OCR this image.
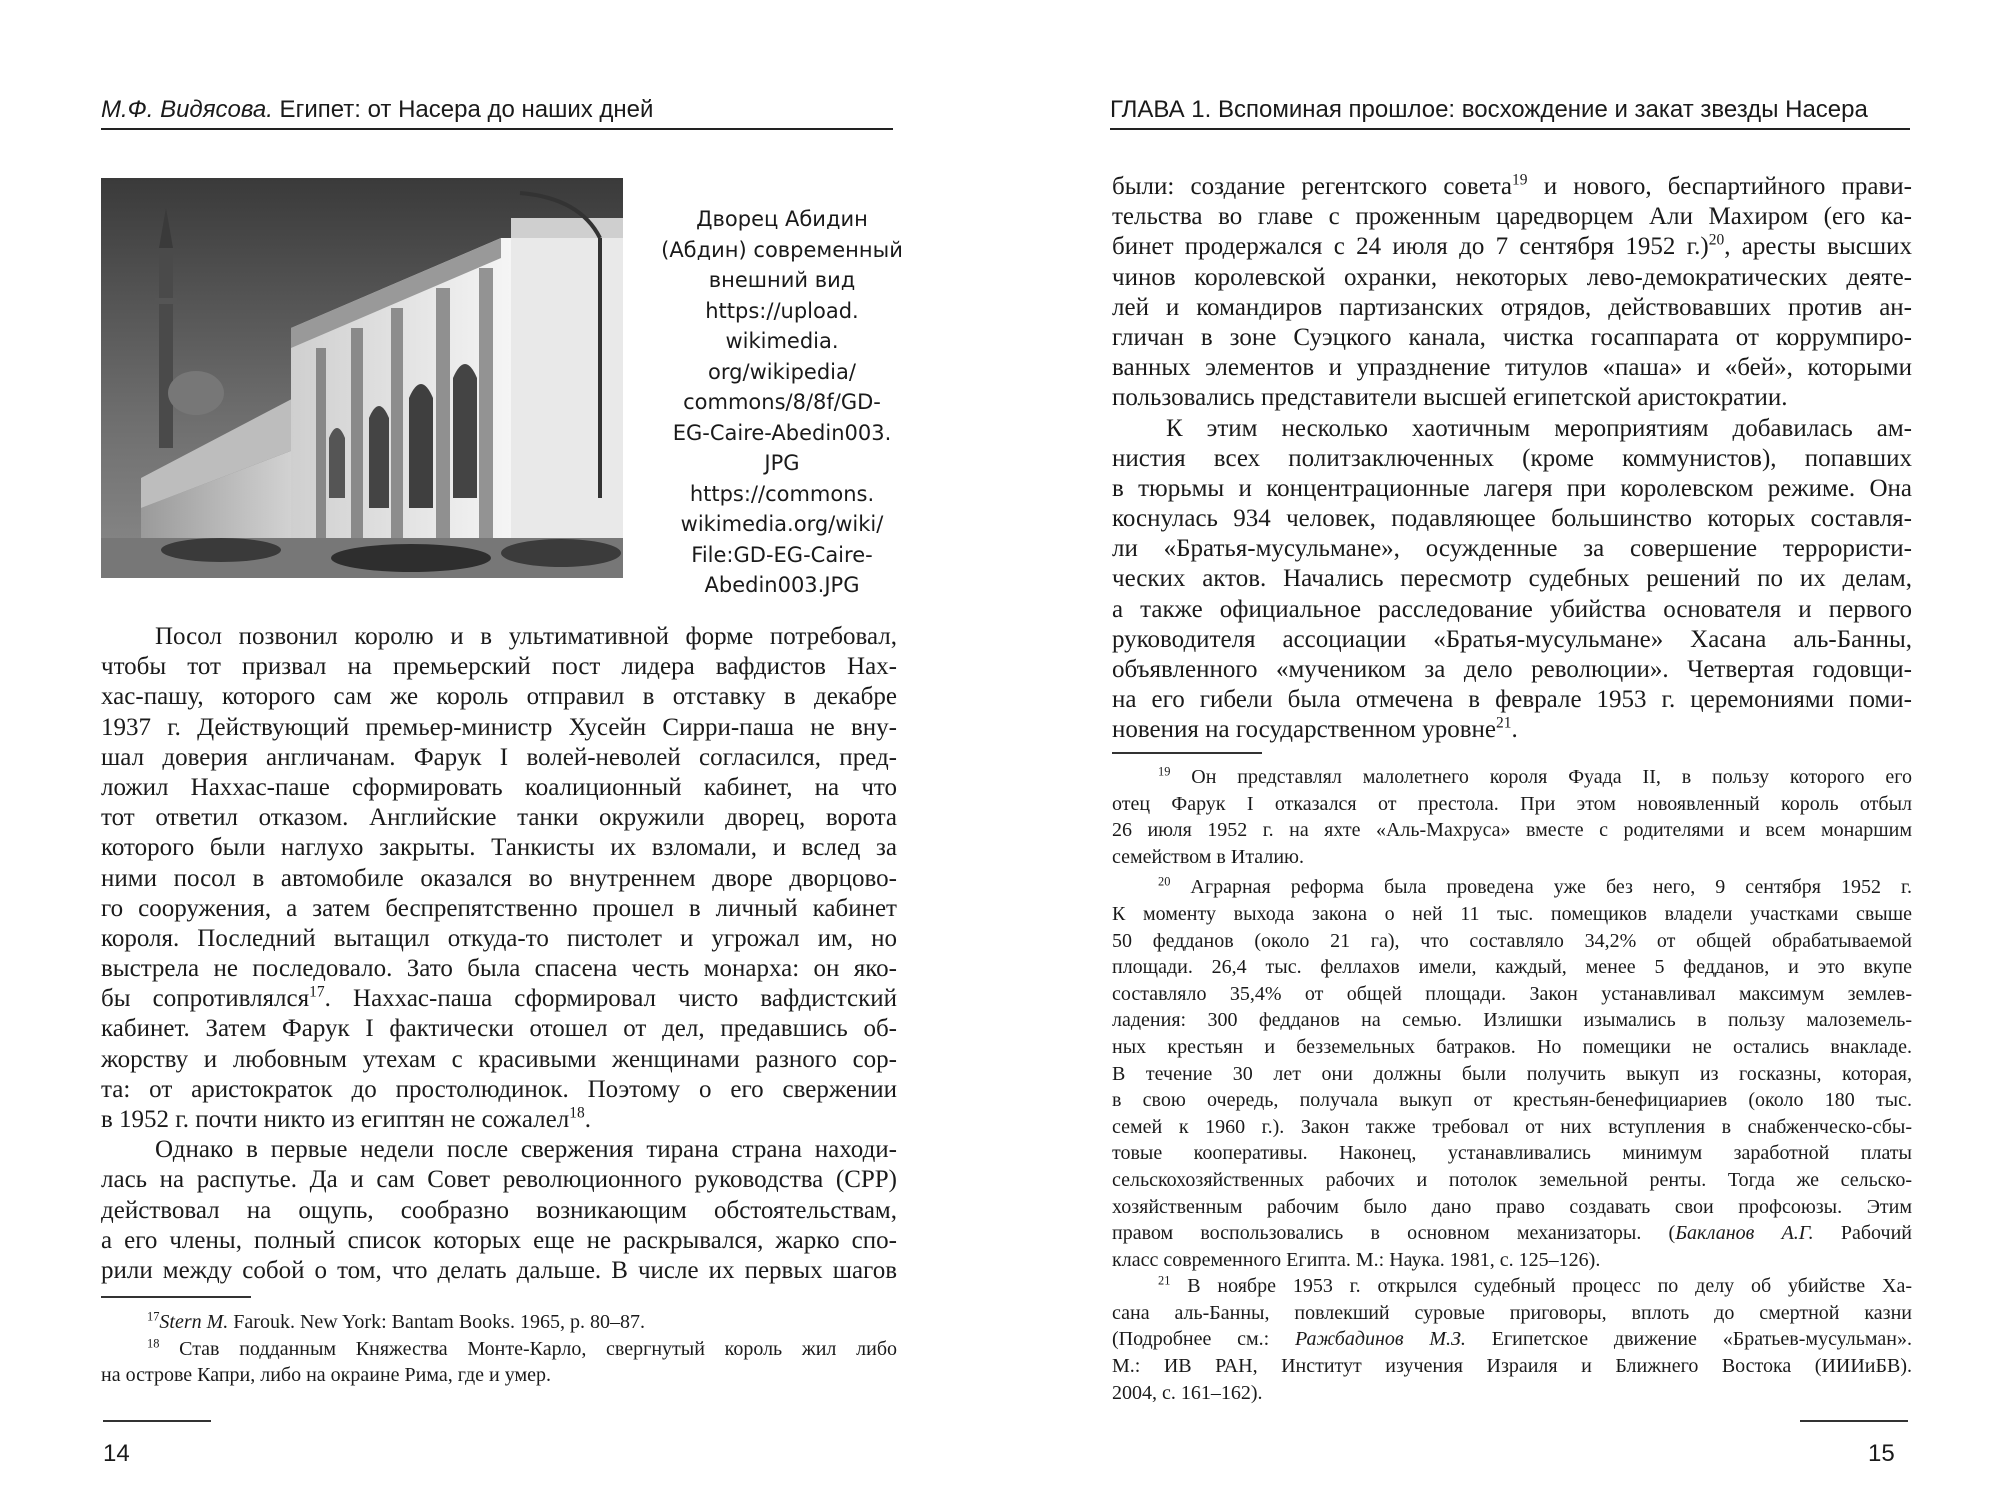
М.Ф. Видясова. Египет: от Насера до наших дней
Дворец Абидин
(Абдин) современный
внешний вид
https://upload.
wikimedia.
org/wikipedia/
commons/8/8f/GD-
EG-Caire-Abedin003.
JPG
https://commons.
wikimedia.org/wiki/
File:GD-EG-Caire-
Abedin003.JPG
Посол позвонил королю и в ультимативной форме потребовал,
чтобы тот призвал на премьерский пост лидера вафдистов Нах-
хас-пашу, которого сам же король отправил в отставку в декабре
1937 г. Действующий премьер-министр Хусейн Сирри-паша не вну-
шал доверия англичанам. Фарук I волей-неволей согласился, пред-
ложил Наххас-паше сформировать коалиционный кабинет, на что
тот ответил отказом. Английские танки окружили дворец, ворота
которого были наглухо закрыты. Танкисты их взломали, и вслед за
ними посол в автомобиле оказался во внутреннем дворе дворцово-
го сооружения, а затем беспрепятственно прошел в личный кабинет
короля. Последний вытащил откуда-то пистолет и угрожал им, но
выстрела не последовало. Зато была спасена честь монарха: он яко-
бы сопротивлялся$^{17}$. Наххас-паша сформировал чисто вафдистский
кабинет. Затем Фарук I фактически отошел от дел, предавшись об-
жорству и любовным утехам с красивыми женщинами разного сор-
та: от аристократок до простолюдинок. Поэтому о его свержении
в 1952 г. почти никто из египтян не сожалел$^{18}$.
Однако в первые недели после свержения тирана страна находи-
лась на распутье. Да и сам Совет революционного руководства (СРР)
действовал на ощупь, сообразно возникающим обстоятельствам,
а его члены, полный список которых еще не раскрывался, жарко спо-
рили между собой о том, что делать дальше. В числе их первых шагов
$^{17}$Stern M. Farouk. New York: Bantam Books. 1965, p. 80–87.
$^{18}$ Став подданным Княжества Монте-Карло, свергнутый король жил либо
на острове Капри, либо на окраине Рима, где и умер.
14
ГЛАВА 1. Вспоминая прошлое: восхождение и закат звезды Насера
были: создание регентского совета$^{19}$ и нового, беспартийного прави-
тельства во главе с проженным царедворцем Али Махиром (его ка-
бинет продержался с 24 июля до 7 сентября 1952 г.)$^{20}$, аресты высших
чинов королевской охранки, некоторых лево-демократических деяте-
лей и командиров партизанских отрядов, действовавших против ан-
гличан в зоне Суэцкого канала, чистка госаппарата от коррумпиро-
ванных элементов и упразднение титулов «паша» и «бей», которыми
пользовались представители высшей египетской аристократии.
К этим несколько хаотичным мероприятиям добавилась ам-
нистия всех политзаключенных (кроме коммунистов), попавших
в тюрьмы и концентрационные лагеря при королевском режиме. Она
коснулась 934 человек, подавляющее большинство которых составля-
ли «Братья-мусульмане», осужденные за совершение террористи-
ческих актов. Начались пересмотр судебных решений по их делам,
а также официальное расследование убийства основателя и первого
руководителя ассоциации «Братья-мусульмане» Хасана аль-Банны,
объявленного «мучеником за дело революции». Четвертая годовщи-
на его гибели была отмечена в феврале 1953 г. церемониями поми-
новения на государственном уровне$^{21}$.
$^{19}$ Он представлял малолетнего короля Фуада II, в пользу которого его
отец Фарук I отказался от престола. При этом новоявленный король отбыл
26 июля 1952 г. на яхте «Аль-Махруса» вместе с родителями и всем монаршим
семейством в Италию.
$^{20}$ Аграрная реформа была проведена уже без него, 9 сентября 1952 г.
К моменту выхода закона о ней 11 тыс. помещиков владели участками свыше
50 федданов (около 21 га), что составляло 34,2% от общей обрабатываемой
площади. 26,4 тыс. феллахов имели, каждый, менее 5 федданов, и это вкупе
составляло 35,4% от общей площади. Закон устанавливал максимум землев-
ладения: 300 федданов на семью. Излишки изымались в пользу малоземель-
ных крестьян и безземельных батраков. Но помещики не остались внакладе.
В течение 30 лет они должны были получить выкуп из госказны, которая,
в свою очередь, получала выкуп от крестьян-бенефициариев (около 180 тыс.
семей к 1960 г.). Закон также требовал от них вступления в снабженческо-сбы-
товые кооперативы. Наконец, устанавливались минимум заработной платы
сельскохозяйственных рабочих и потолок земельной ренты. Тогда же сельско-
хозяйственным рабочим было дано право создавать свои профсоюзы. Этим
правом воспользовались в основном механизаторы. (Бакланов А.Г. Рабочий
класс современного Египта. М.: Наука. 1981, с. 125–126).
$^{21}$ В ноябре 1953 г. открылся судебный процесс по делу об убийстве Ха-
сана аль-Банны, повлекший суровые приговоры, вплоть до смертной казни
(Подробнее см.: Ражбадинов М.З. Египетское движение «Братьев-мусульман».
М.: ИВ РАН, Институт изучения Израиля и Ближнего Востока (ИИИиБВ).
2004, с. 161–162).
15
